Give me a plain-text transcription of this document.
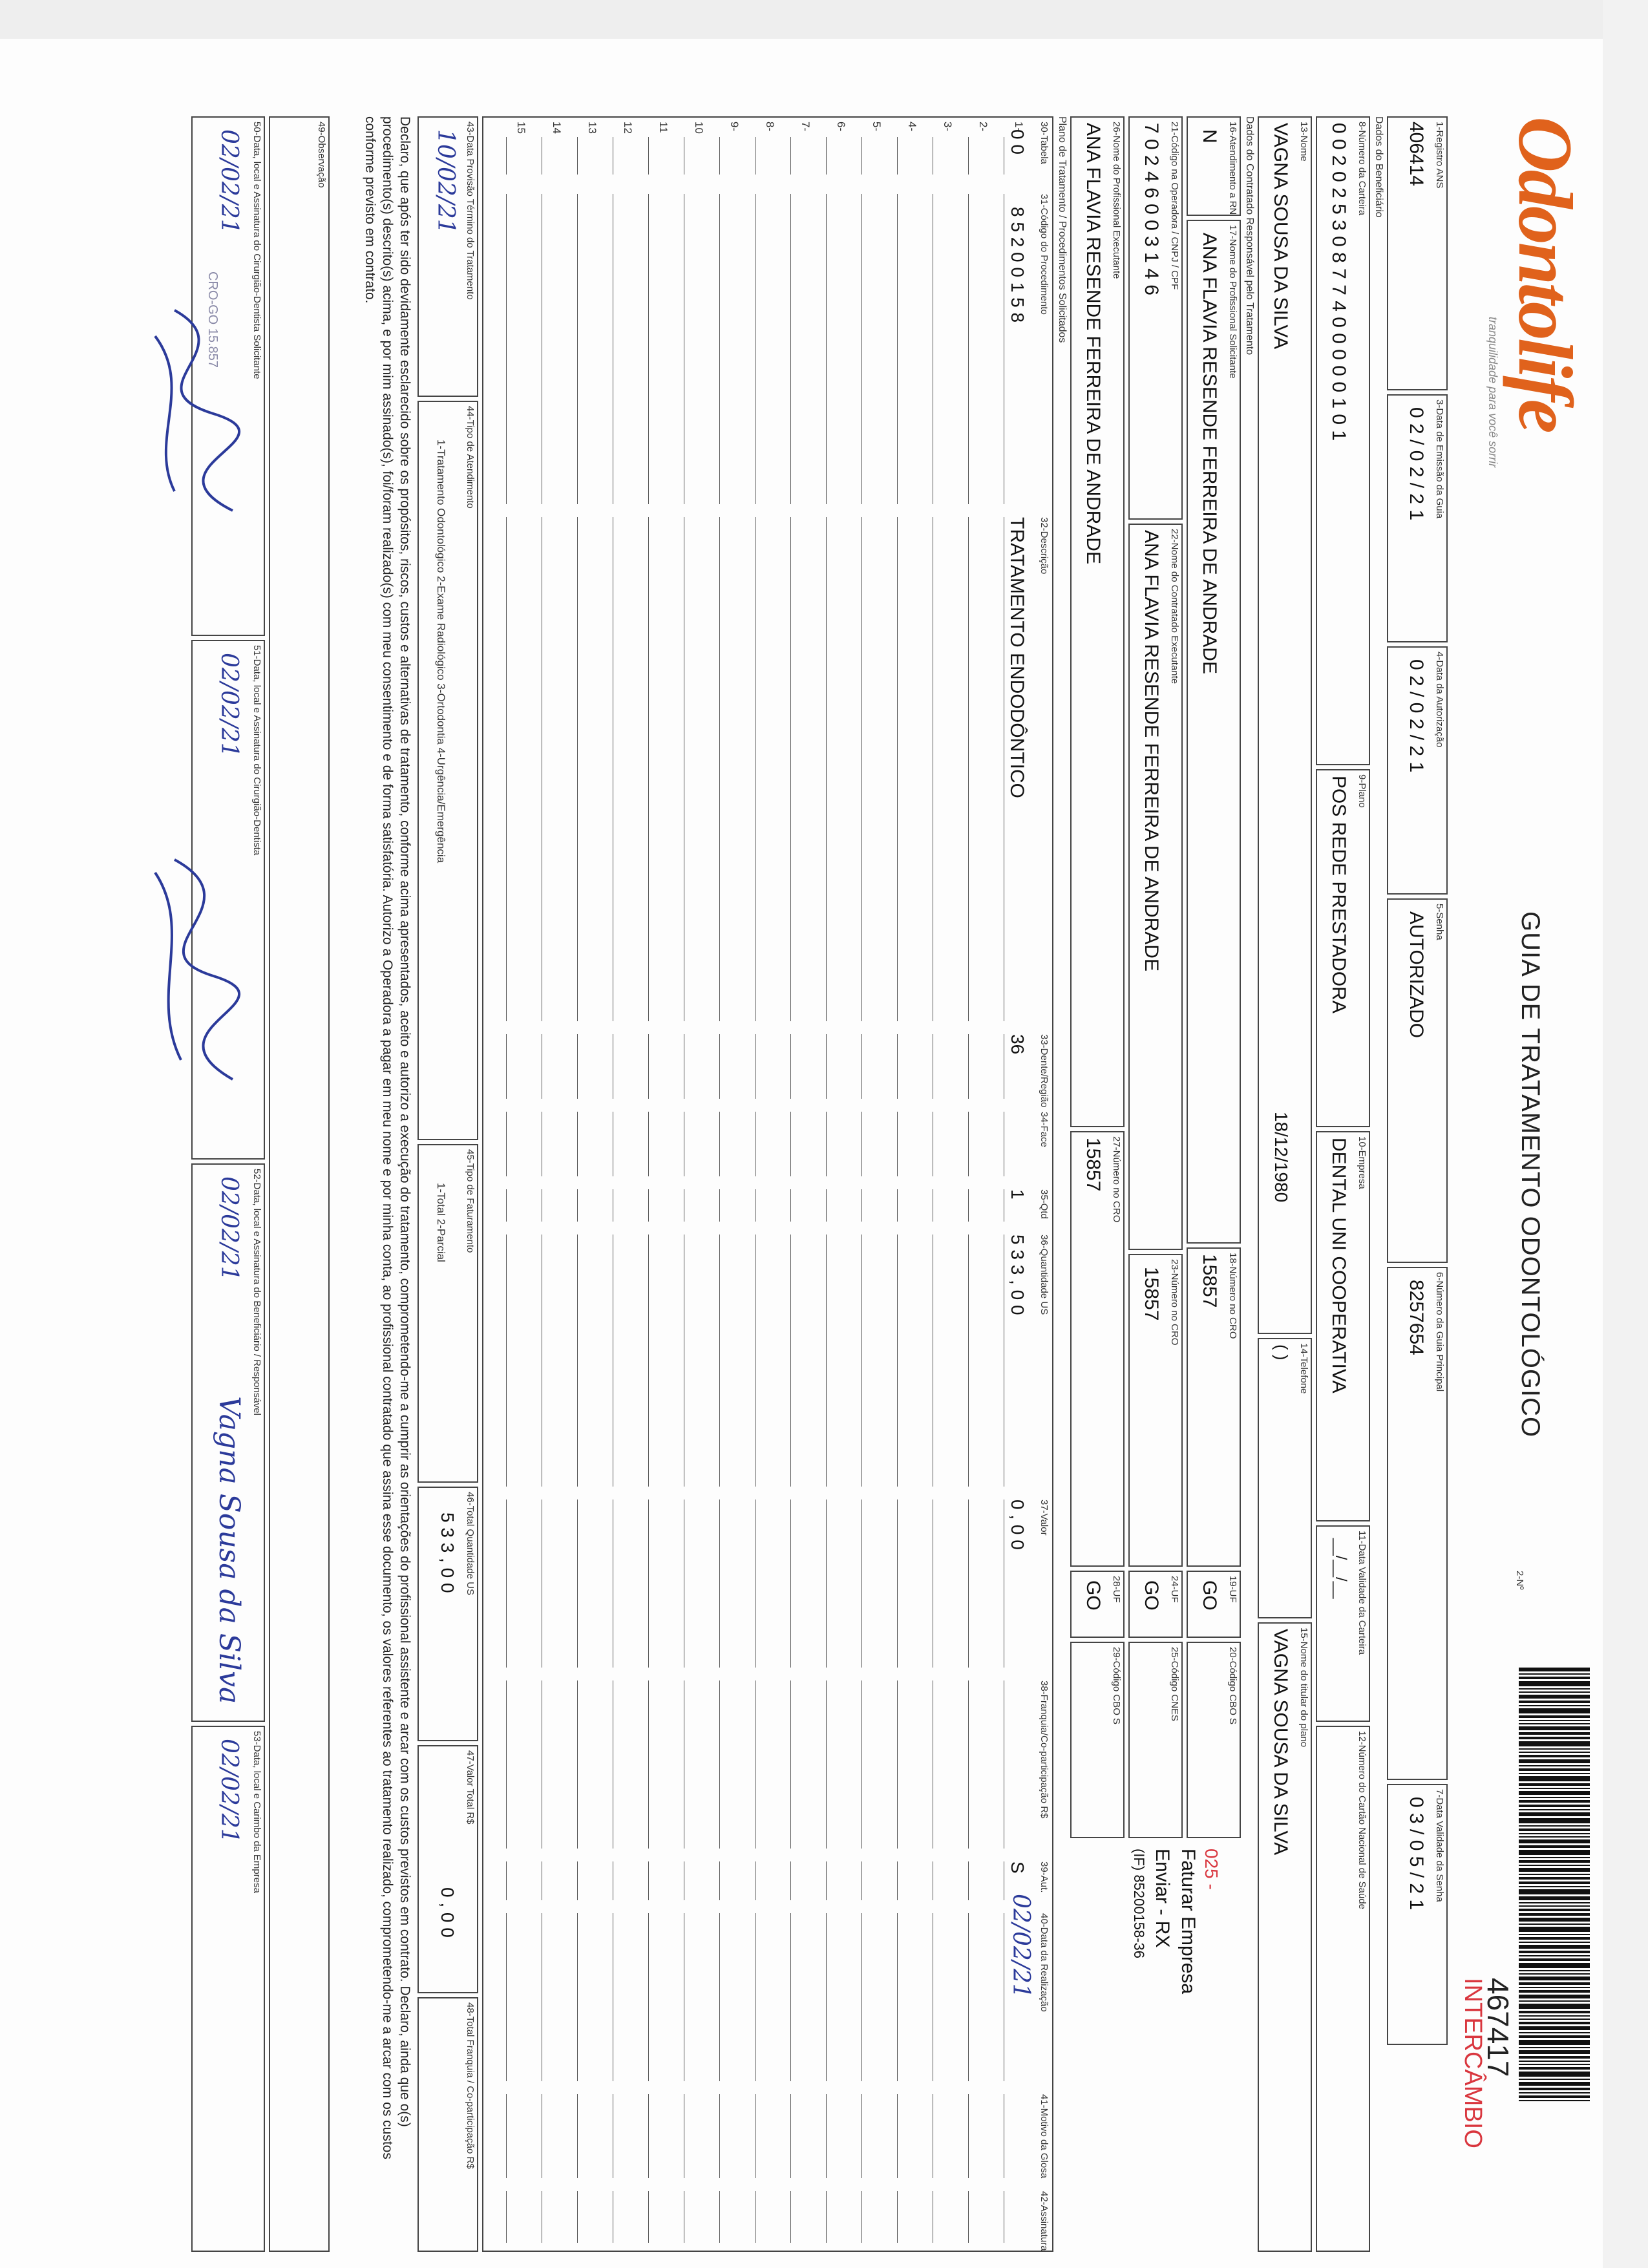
Odontolife
tranquilidade para você sorrir
GUIA DE TRATAMENTO ODONTOLÓGICO
2-Nº
467417
INTERCÂMBIO
1-Registro ANS
406414
3-Data de Emissão da Guia
0 2 / 0 2 / 2 1
4-Data da Autorização
0 2 / 0 2 / 2 1
5-Senha
AUTORIZADO
6-Número da Guia Principal
8257654
7-Data Validade da Senha
0 3 / 0 5 / 2 1
Dados do Beneficiário
8-Número da Carteira
0 0 2 0 2 5 3 0 8 7 7 4 0 0 0 0 0 1 0 1
9-Plano
POS REDE PRESTADORA
10-Empresa
DENTAL UNI COOPERATIVA
11-Data Validade da Carteira
__/__/__
12-Número do Cartão Nacional de Saúde
13-Nome
VAGNA SOUSA DA SILVA
18/12/1980
14-Telefone
( )
15-Nome do titular do plano
VAGNA SOUSA DA SILVA
Dados do Contratado Responsável pelo Tratamento
16-Atendimento a RN
N
17-Nome do Profissional Solicitante
ANA FLAVIA RESENDE FERREIRA DE ANDRADE
18-Número no CRO
15857
19-UF
GO
20-Código CBO S
025 -
21-Código na Operadora / CNPJ / CPF
7 0 2 4 6 0 0 3 1 4 6
22-Nome do Contratado Executante
ANA FLAVIA RESENDE FERREIRA DE ANDRADE
23-Número no CRO
15857
24-UF
GO
25-Código CNES
Faturar Empresa
Enviar - RX
(IF) 85200158-36
26-Nome do Profissional Executante
ANA FLAVIA RESENDE FERREIRA DE ANDRADE
27-Número no CRO
15857
28-UF
GO
29-Código CBO S
Plano de Tratamento / Procedimentos Solicitados
30-Tabela
31-Código do Procedimento
32-Descrição
33-Dente/Região
34-Face
35-Qtd
36-Quantidade US
37-Valor
38-Franquia/Co-participação R$
39-Aut.
40-Data da Realização
41-Motivo da Glosa
42-Assinatura
1-
2-
3-
4-
5-
6-
7-
8-
9-
10
11
12
13
14
15
0 0
8 5 2 0 0 1 5 8
TRATAMENTO ENDODÔNTICO
36
1
5 3 3 , 0 0
0 , 0 0
S
02/02/21
43-Data Provisão Término do Tratamento
10/02/21
44-Tipo de Atendimento
1-Tratamento Odontológico 2-Exame Radiológico 3-Ortodontia 4-Urgência/Emergência
45-Tipo de Faturamento
1-Total 2-Parcial
46-Total Quantidade US
5 3 3 , 0 0
47-Valor Total R$
0 , 0 0
48-Total Franquia / Co-participação R$
Declaro, que após ter sido devidamente esclarecido sobre os propósitos, riscos, custos e alternativas de tratamento, conforme acima apresentados, aceito e autorizo a execução do tratamento, comprometendo-me a cumprir as orientações do profissional assistente e arcar com os custos previstos em contrato. Declaro, ainda que o(s) procedimento(s) descrito(s) acima, e por mim assinado(s), foi/foram realizado(s) com meu consentimento e de forma satisfatória. Autorizo a Operadora a pagar em meu nome e por minha conta, ao profissional contratado que assina esse documento, os valores referentes ao tratamento realizado, comprometendo-me a arcar com os custos conforme previsto em contrato.
49-Observação
50-Data, local e Assinatura do Cirurgião-Dentista Solicitante
02/02/21
CRO-GO 15.857
51-Data, local e Assinatura do Cirurgião-Dentista
02/02/21
52-Data, local e Assinatura do Beneficiário / Responsável
02/02/21
Vagna Sousa da Silva
53-Data, local e Carimbo da Empresa
02/02/21
